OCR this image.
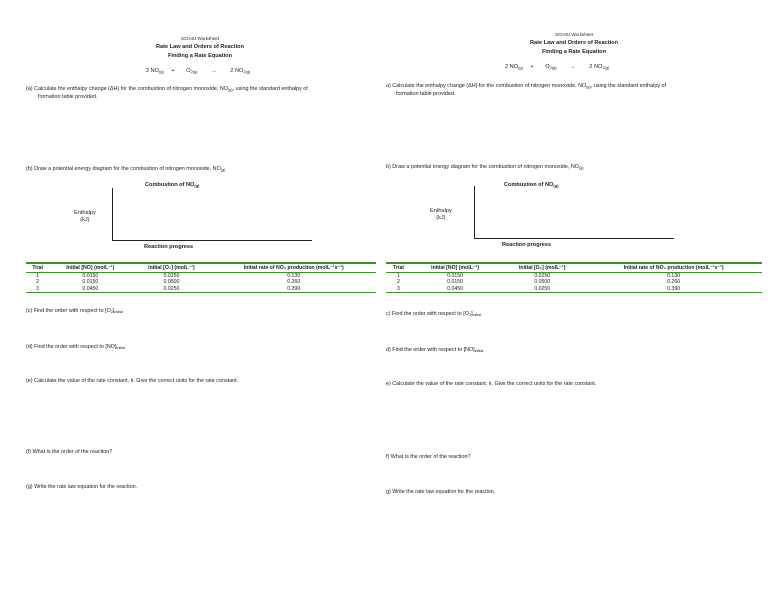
SCH4U Worksheet
Rate Law and Orders of Reaction
Finding a Rate Equation
2 $NO_{(g)} + O_{2(g)} \to 2$ $NO_{2(g)}$
(a) Calculate the enthalpy change (ΔH) for the combustion of nitrogen monoxide, $NO_{(g)}$, using the standard enthalpy of
formation table provided.
(b) Draw a potential energy diagram for the combustion of nitrogen monoxide, $NO_{(g)}$
Combustion of $NO_{(g)}$
Enthalpy
(kJ)
Reaction progress
Trial	Initial [NO] (molL⁻¹)	Initial [O₂] (molL⁻¹)	Initial rate of NO₂ production (molL⁻¹s⁻¹)
1	0.0150	0.0250	0.130
2	0.0150	0.0500	0.260
3	0.0450	0.0250	0.390
(c) Find the order with respect to $[O_2]_{initial}$
(d) Find the order with respect to $[NO]_{initial}$
(e) Calculate the value of the rate constant, k. Give the correct units for the rate constant.
(f) What is the order of the reaction?
(g) Write the rate law equation for the reaction.
SCH4U Worksheet
Rate Law and Orders of Reaction
Finding a Rate Equation
2 $NO_{(g)} + O_{2(g)} \to 2$ $NO_{2(g)}$
a) Calculate the enthalpy change (ΔH) for the combustion of nitrogen monoxide, $NO_{(g)}$, using the standard enthalpy of
formation table provided.
b) Draw a potential energy diagram for the combustion of nitrogen monoxide, $NO_{(g)}$
Combustion of $NO_{(g)}$
Enthalpy
(kJ)
Reaction progress
Trial	Initial [NO] (molL⁻¹)	Initial [O₂] (molL⁻¹)	Initial rate of NO₂ production (molL⁻¹s⁻¹)
1	0.0150	0.0250	0.130
2	0.0150	0.0500	0.260
3	0.0450	0.0250	0.390
c) Find the order with respect to $[O_2]_{initial}$
d) Find the order with respect to $[NO]_{initial}$
e) Calculate the value of the rate constant, k. Give the correct units for the rate constant.
f) What is the order of the reaction?
g) Write the rate law equation for the reaction.
